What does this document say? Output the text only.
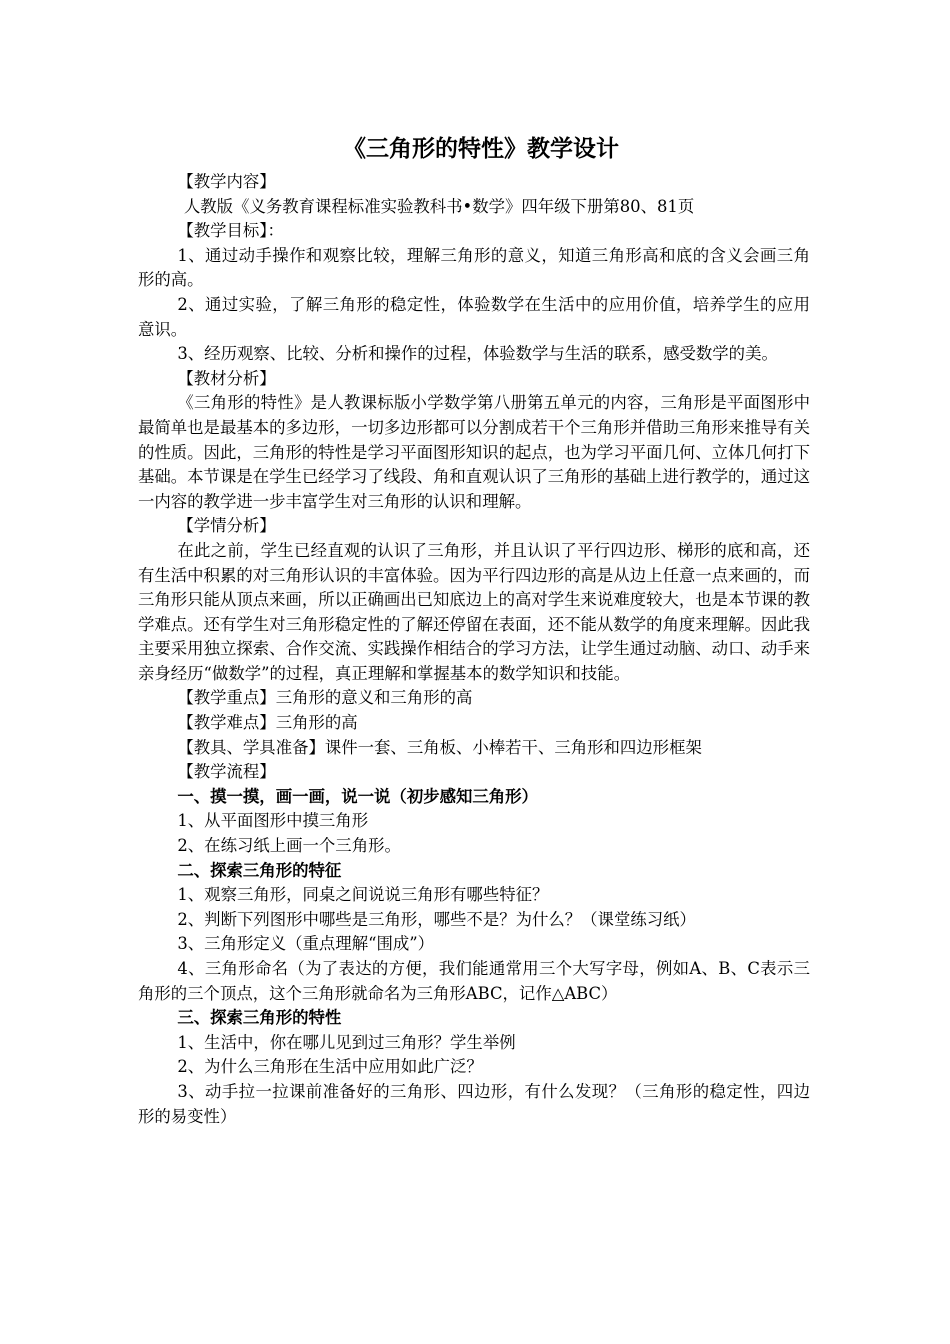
《三角形的特性》教学设计

【教学内容】

人教版《义务教育课程标准实验教科书•数学》四年级下册第80、81页

【教学目标】：

1、通过动手操作和观察比较，理解三角形的意义，知道三角形高和底的含义会画三角形的高。

2、通过实验，了解三角形的稳定性，体验数学在生活中的应用价值，培养学生的应用意识。

3、经历观察、比较、分析和操作的过程，体验数学与生活的联系，感受数学的美。

【教材分析】

《三角形的特性》是人教课标版小学数学第八册第五单元的内容，三角形是平面图形中最简单也是最基本的多边形，一切多边形都可以分割成若干个三角形并借助三角形来推导有关的性质。因此，三角形的特性是学习平面图形知识的起点，也为学习平面几何、立体几何打下基础。本节课是在学生已经学习了线段、角和直观认识了三角形的基础上进行教学的，通过这一内容的教学进一步丰富学生对三角形的认识和理解。

【学情分析】

在此之前，学生已经直观的认识了三角形，并且认识了平行四边形、梯形的底和高，还有生活中积累的对三角形认识的丰富体验。因为平行四边形的高是从边上任意一点来画的，而三角形只能从顶点来画，所以正确画出已知底边上的高对学生来说难度较大，也是本节课的教学难点。还有学生对三角形稳定性的了解还停留在表面，还不能从数学的角度来理解。因此我主要采用独立探索、合作交流、实践操作相结合的学习方法，让学生通过动脑、动口、动手来亲身经历“做数学”的过程，真正理解和掌握基本的数学知识和技能。

【教学重点】三角形的意义和三角形的高

【教学难点】三角形的高

【教具、学具准备】课件一套、三角板、小棒若干、三角形和四边形框架

【教学流程】

一、摸一摸，画一画，说一说（初步感知三角形）

1、从平面图形中摸三角形

2、在练习纸上画一个三角形。

二、探索三角形的特征

1、观察三角形，同桌之间说说三角形有哪些特征？

2、判断下列图形中哪些是三角形，哪些不是？为什么？（课堂练习纸）

3、三角形定义（重点理解“围成”）

4、三角形命名（为了表达的方便，我们能通常用三个大写字母，例如A、B、C表示三角形的三个顶点，这个三角形就命名为三角形ABC，记作△ABC）

三、探索三角形的特性

1、生活中，你在哪儿见到过三角形？学生举例

2、为什么三角形在生活中应用如此广泛？

3、动手拉一拉课前准备好的三角形、四边形，有什么发现？（三角形的稳定性，四边形的易变性）
